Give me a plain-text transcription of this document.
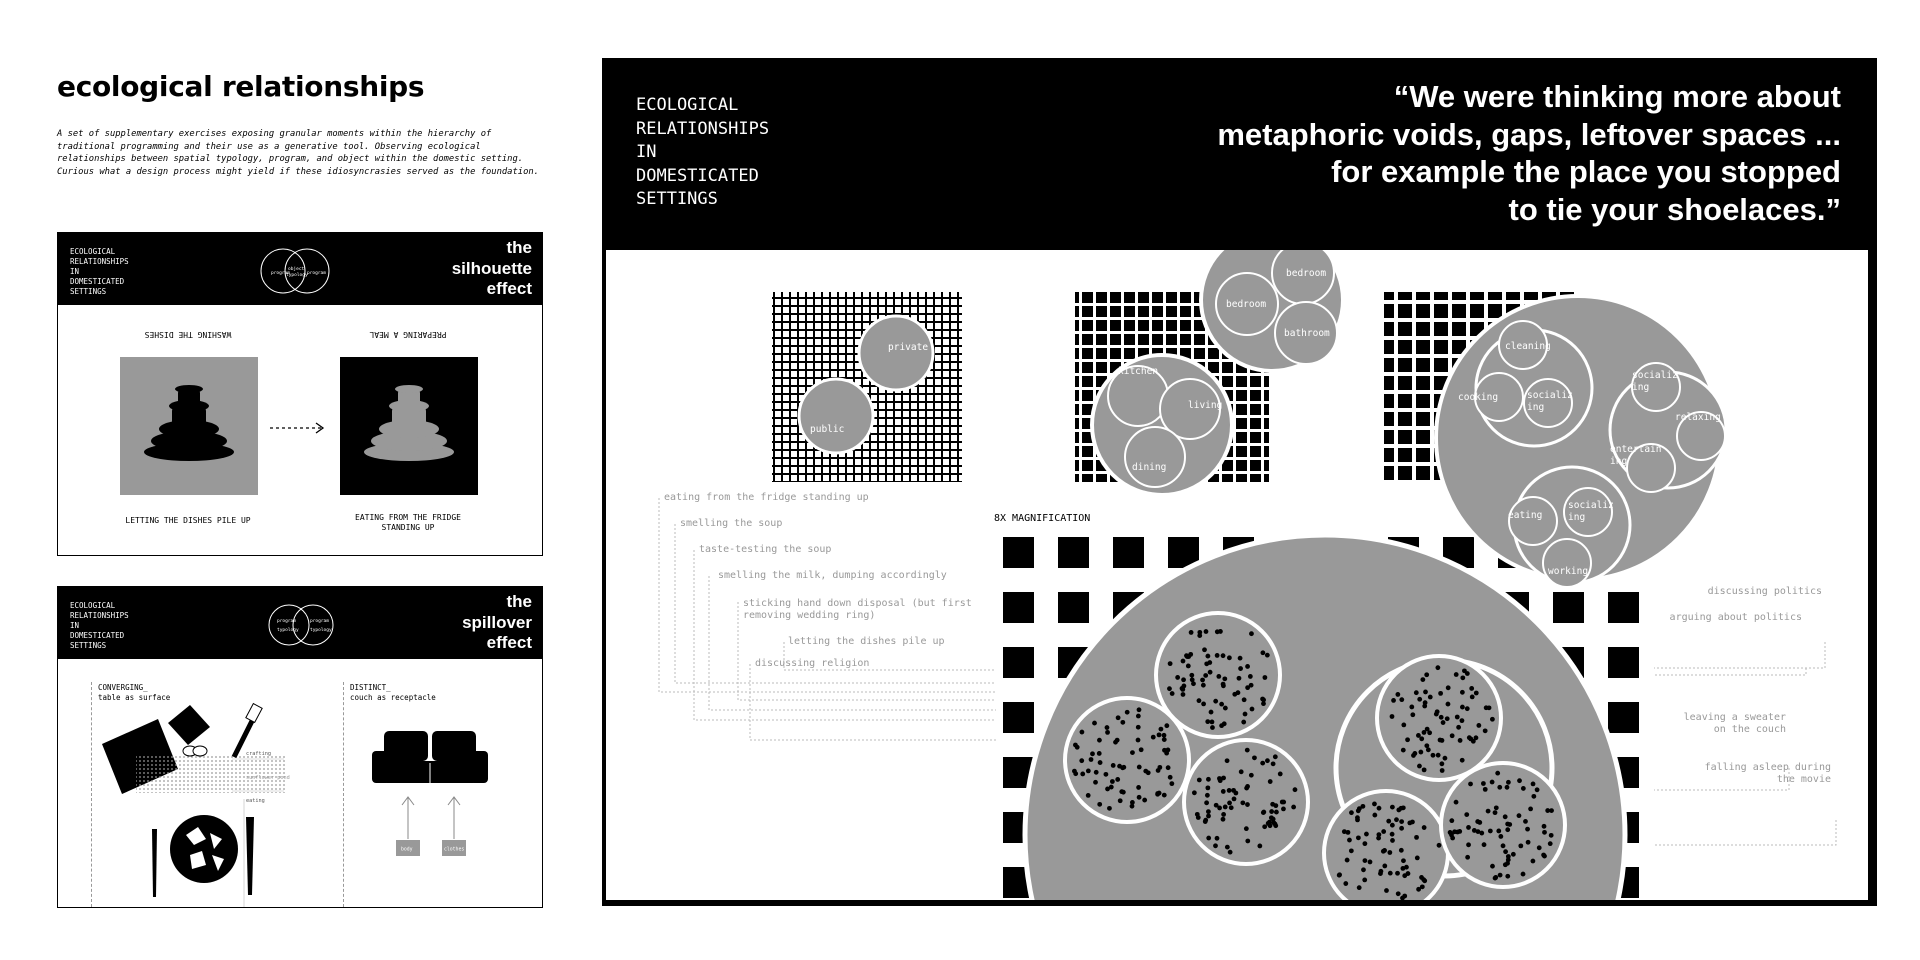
ecological relationships

A set of supplementary exercises exposing granular moments within the hierarchy of traditional programming and their use as a generative tool. Observing ecological relationships between spatial typology, program, and object within the domestic setting. Curious what a design process might yield if these idiosyncrasies served as the foundation.

ECOLOGICAL
RELATIONSHIPS
IN
DOMESTICATED
SETTINGS
program
object
typology program
the
silhouette
effect
WASHING THE DISHES	PREPARING A MEAL
LETTING THE DISHES PILE UP	EATING FROM THE FRIDGE
STANDING UP
ECOLOGICAL
RELATIONSHIPS
IN
DOMESTICATED
SETTINGS
program
typology
program
typology
the
spillover
effect
CONVERGING_
table as surface
DISTINCT_
couch as receptacle
crafting
sunflower pond
eating
body	clothes
private
public
bedroom
bedroom
bathroom
kitchen
living
dining
cleaning
cooking	socializ
ing
socializ
ing
relaxing
entertain
ing
eating
socializ
ing
working
8X MAGNIFICATION
eating from the fridge standing up
smelling the soup
taste-testing the soup
smelling the milk, dumping accordingly
sticking hand down disposal (but first
removing wedding ring)
letting the dishes pile up
discussing religion
discussing politics
arguing about politics
leaving a sweater
on the couch
falling asleep during
the movie
ECOLOGICAL
RELATIONSHIPS
IN
DOMESTICATED
SETTINGS
“We were thinking more about
metaphoric voids, gaps, leftover spaces ...
for example the place you stopped
to tie your shoelaces.”
